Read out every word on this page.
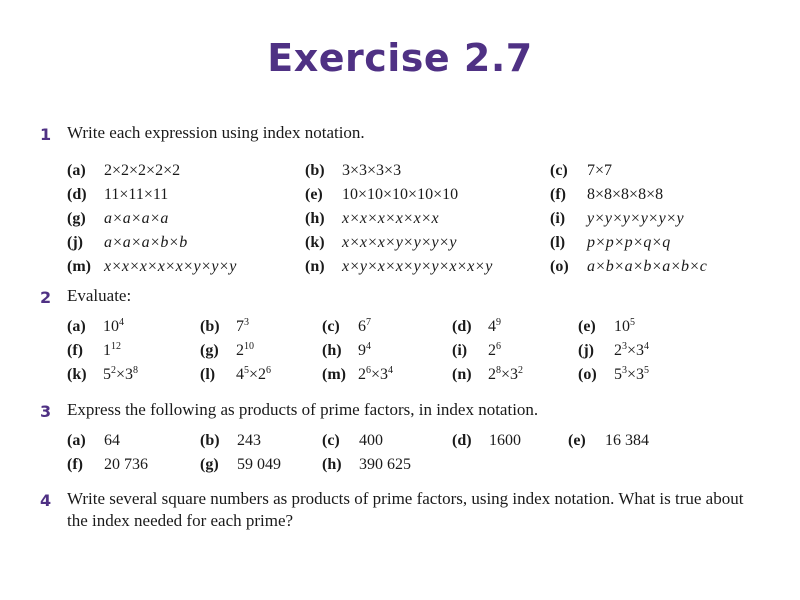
Exercise 2.7
1 Write each expression using index notation.
(a) 2×2×2×2×2	(b) 3×3×3×3	(c) 7×7
(d) 11×11×11	(e) 10×10×10×10×10	(f) 8×8×8×8×8
(g) a×a×a×a	(h) x×x×x×x×x×x	(i) y×y×y×y×y×y
(j) a×a×a×b×b	(k) x×x×x×y×y×y×y	(l) p×p×p×q×q
(m) x×x×x×x×x×y×y×y	(n) x×y×x×x×y×y×x×x×y	(o) a×b×a×b×a×b×c
2 Evaluate:
(a) $10^4$	(b) $7^3$	(c) $6^7$	(d) $4^9$	(e) $10^5$
(f) $1^{12}$	(g) $2^{10}$	(h) $9^4$	(i) $2^6$	(j) $2^3\times 3^4$
(k) $5^2\times 3^8$	(l) $4^5\times 2^6$	(m) $2^6\times 3^4$	(n) $2^8\times 3^2$	(o) $5^3\times 3^5$
3 Express the following as products of prime factors, in index notation.
(a) 64	(b) 243	(c) 400	(d) 1600	(e) 16 384
(f) 20 736	(g) 59 049	(h) 390 625
4 Write several square numbers as products of prime factors, using index notation. What is true about the index needed for each prime?
